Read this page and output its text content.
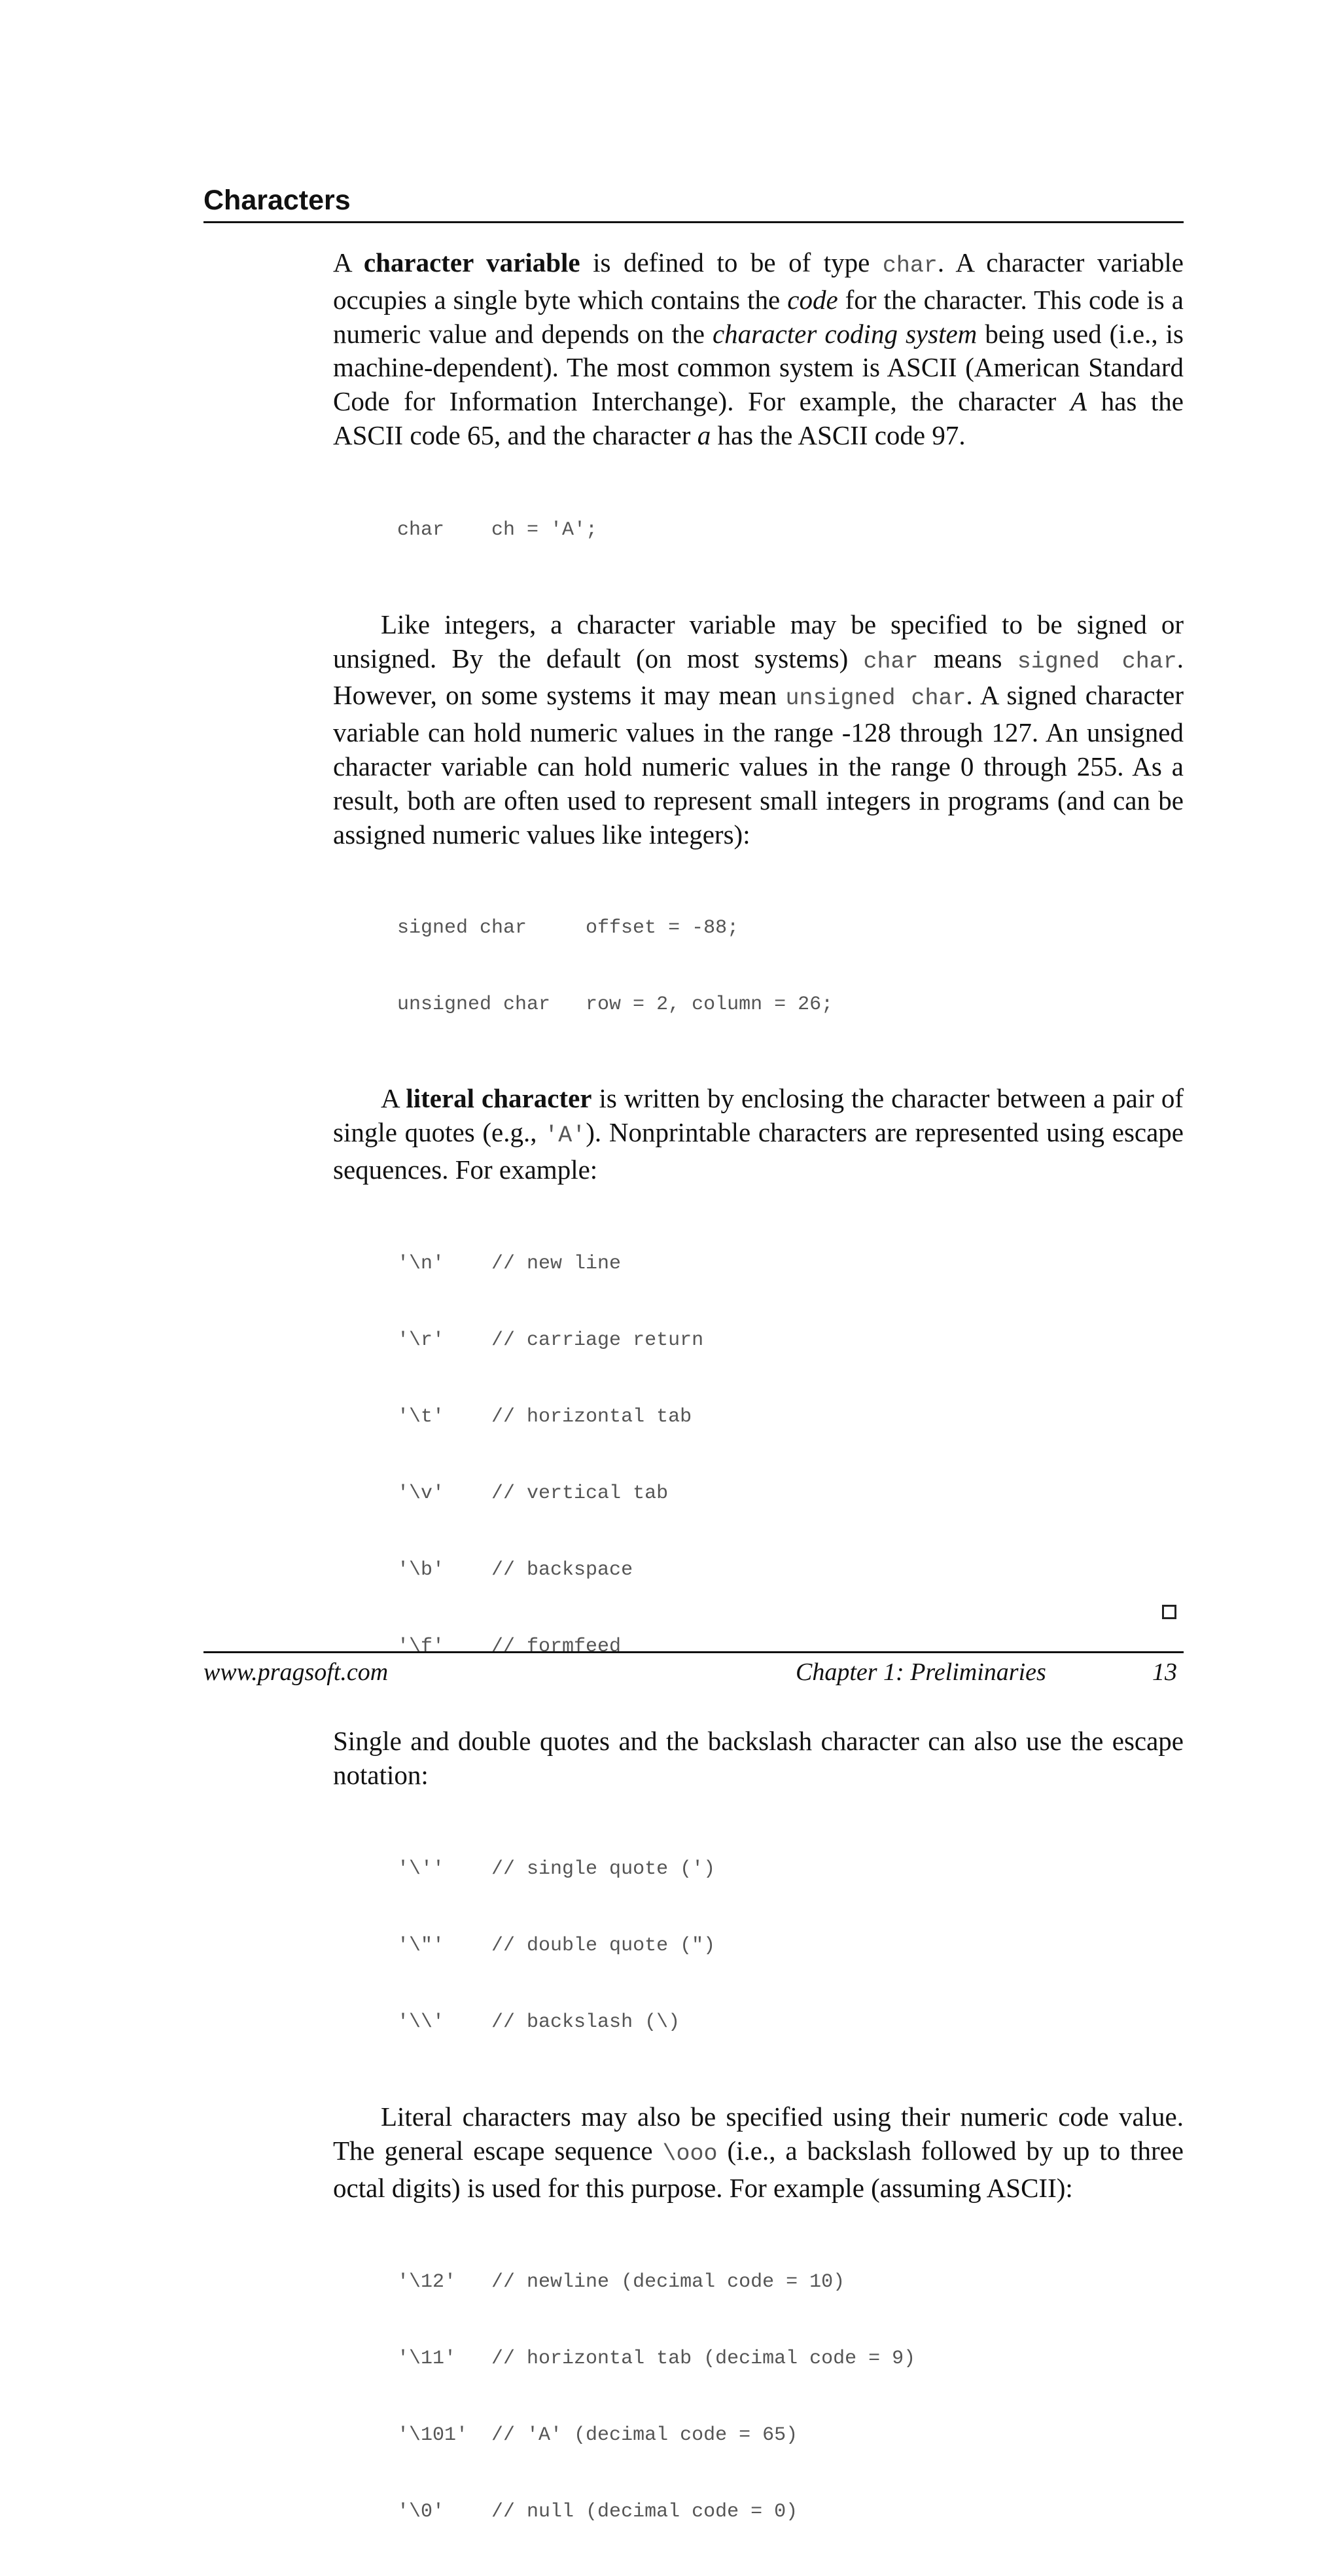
Characters

A character variable is defined to be of type char. A character variable occupies a single byte which contains the code for the character. This code is a numeric value and depends on the character coding system being used (i.e., is machine-dependent). The most common system is ASCII (American Standard Code for Information Interchange). For example, the character A has the ASCII code 65, and the character a has the ASCII code 97.

char    ch = 'A';

Like integers, a character variable may be specified to be signed or unsigned. By the default (on most systems) char means signed char. However, on some systems it may mean unsigned char. A signed character variable can hold numeric values in the range -128 through 127. An unsigned character variable can hold numeric values in the range 0 through 255. As a result, both are often used to represent small integers in programs (and can be assigned numeric values like integers):

signed char     offset = -88;

unsigned char   row = 2, column = 26;

A literal character is written by enclosing the character between a pair of single quotes (e.g., 'A'). Nonprintable characters are represented using escape sequences. For example:

'\n'    // new line

'\r'    // carriage return

'\t'    // horizontal tab

'\v'    // vertical tab

'\b'    // backspace

'\f'    // formfeed

Single and double quotes and the backslash character can also use the escape notation:

'\''    // single quote (')

'\"'    // double quote (")

'\\'    // backslash (\)

Literal characters may also be specified using their numeric code value. The general escape sequence \ooo (i.e., a backslash followed by up to three octal digits) is used for this purpose. For example (assuming ASCII):

'\12'   // newline (decimal code = 10)

'\11'   // horizontal tab (decimal code = 9)

'\101'  // 'A' (decimal code = 65)

'\0'    // null (decimal code = 0)

www.pragsoft.com	Chapter 1: Preliminaries	13
